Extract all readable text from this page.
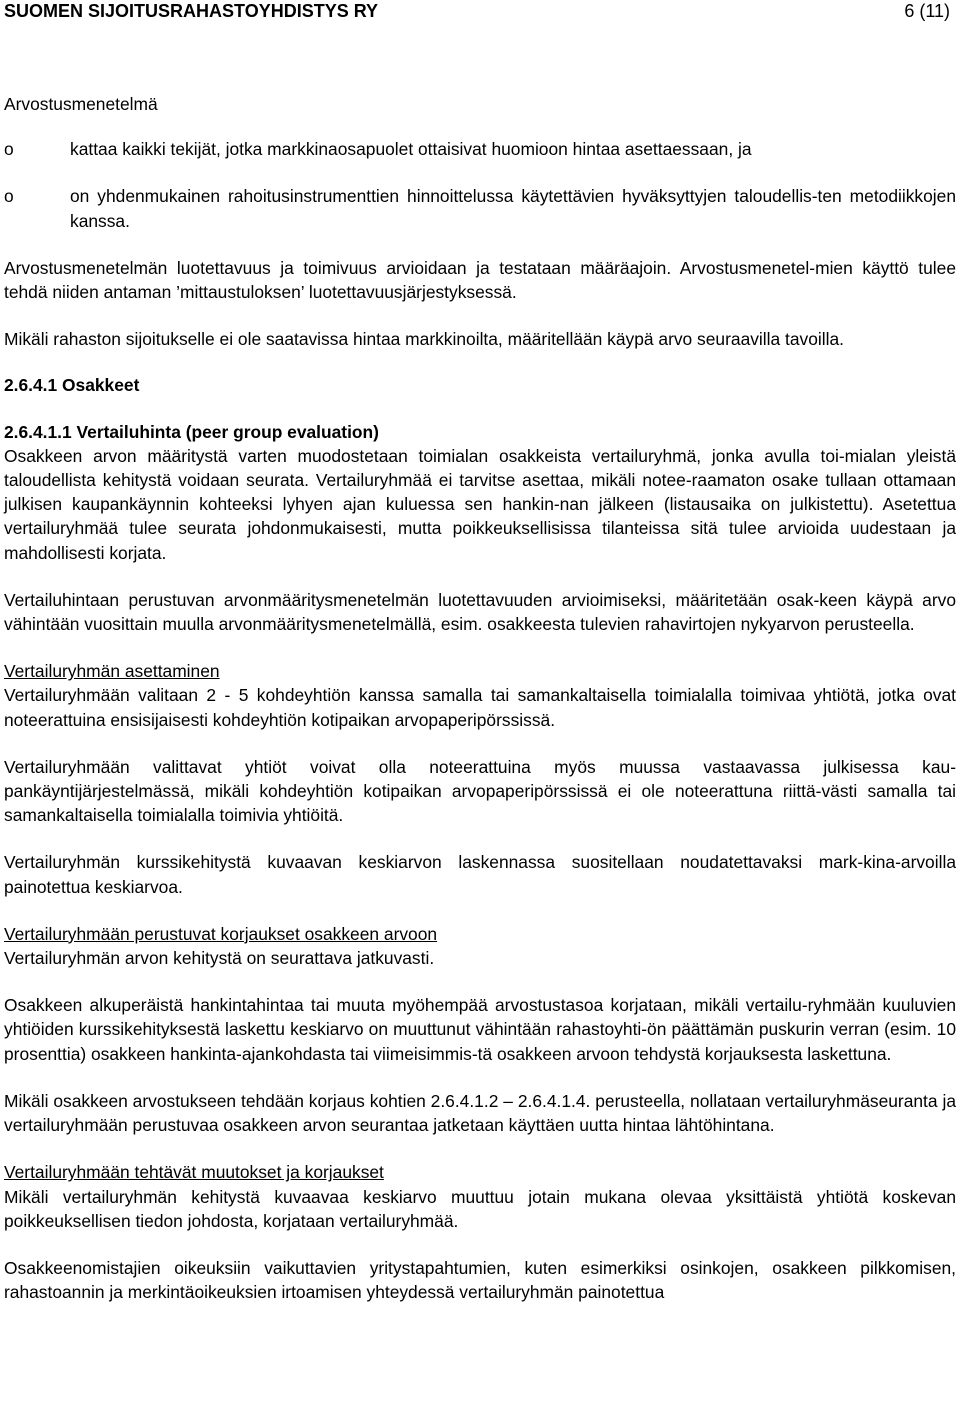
SUOMEN SIJOITUSRAHASTOYHDISTYS RY	6 (11)

Arvostusmenetelmä

o	kattaa kaikki tekijät, jotka markkinaosapuolet ottaisivat huomioon hintaa asettaessaan, ja
o	on yhdenmukainen rahoitusinstrumenttien hinnoittelussa käytettävien hyväksyttyjen taloudellis-ten metodiikkojen kanssa.

Arvostusmenetelmän luotettavuus ja toimivuus arvioidaan ja testataan määräajoin. Arvostusmenetel-mien käyttö tulee tehdä niiden antaman ’mittaustuloksen’ luotettavuusjärjestyksessä.

Mikäli rahaston sijoitukselle ei ole saatavissa hintaa markkinoilta, määritellään käypä arvo seuraavilla tavoilla.

2.6.4.1 Osakkeet

2.6.4.1.1 Vertailuhinta (peer group evaluation)

Osakkeen arvon määritystä varten muodostetaan toimialan osakkeista vertailuryhmä, jonka avulla toi-mialan yleistä taloudellista kehitystä voidaan seurata. Vertailuryhmää ei tarvitse asettaa, mikäli notee-raamaton osake tullaan ottamaan julkisen kaupankäynnin kohteeksi lyhyen ajan kuluessa sen hankin-nan jälkeen (listausaika on julkistettu). Asetettua vertailuryhmää tulee seurata johdonmukaisesti, mutta poikkeuksellisissa tilanteissa sitä tulee arvioida uudestaan ja mahdollisesti korjata.

Vertailuhintaan perustuvan arvonmääritysmenetelmän luotettavuuden arvioimiseksi, määritetään osak-keen käypä arvo vähintään vuosittain muulla arvonmääritysmenetelmällä, esim. osakkeesta tulevien rahavirtojen nykyarvon perusteella.

Vertailuryhmän asettaminen

Vertailuryhmään valitaan 2 - 5 kohdeyhtiön kanssa samalla tai samankaltaisella toimialalla toimivaa yhtiötä, jotka ovat noteerattuina ensisijaisesti kohdeyhtiön kotipaikan arvopaperipörssissä.

Vertailuryhmään valittavat yhtiöt voivat olla noteerattuina myös muussa vastaavassa julkisessa kau-pankäyntijärjestelmässä, mikäli kohdeyhtiön kotipaikan arvopaperipörssissä ei ole noteerattuna riittä-västi samalla tai samankaltaisella toimialalla toimivia yhtiöitä.

Vertailuryhmän kurssikehitystä kuvaavan keskiarvon laskennassa suositellaan noudatettavaksi mark-kina-arvoilla painotettua keskiarvoa.

Vertailuryhmään perustuvat korjaukset osakkeen arvoon

Vertailuryhmän arvon kehitystä on seurattava jatkuvasti.

Osakkeen alkuperäistä hankintahintaa tai muuta myöhempää arvostustasoa korjataan, mikäli vertailu-ryhmään kuuluvien yhtiöiden kurssikehityksestä laskettu keskiarvo on muuttunut vähintään rahastoyhti-ön päättämän puskurin verran (esim. 10 prosenttia) osakkeen hankinta-ajankohdasta tai viimeisimmis-tä osakkeen arvoon tehdystä korjauksesta laskettuna.

Mikäli osakkeen arvostukseen tehdään korjaus kohtien 2.6.4.1.2 – 2.6.4.1.4. perusteella, nollataan vertailuryhmäseuranta ja vertailuryhmään perustuvaa osakkeen arvon seurantaa jatketaan käyttäen uutta hintaa lähtöhintana.

Vertailuryhmään tehtävät muutokset ja korjaukset

Mikäli vertailuryhmän kehitystä kuvaavaa keskiarvo muuttuu jotain mukana olevaa yksittäistä yhtiötä koskevan poikkeuksellisen tiedon johdosta, korjataan vertailuryhmää.

Osakkeenomistajien oikeuksiin vaikuttavien yritystapahtumien, kuten esimerkiksi osinkojen, osakkeen pilkkomisen, rahastoannin ja merkintäoikeuksien irtoamisen yhteydessä vertailuryhmän painotettua
